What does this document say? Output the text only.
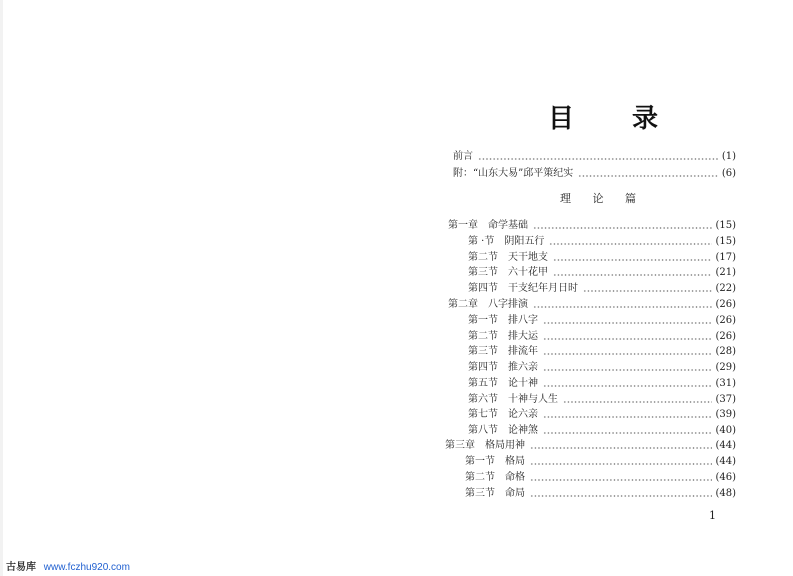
目 录
前言	(1)
附：“山东大易”邱平策纪实	(6)
理 论 篇
第一章　命学基础	(15)
第 ·节　阴阳五行	(15)
第二节　天干地支	(17)
第三节　六十花甲	(21)
第四节　干支纪年月日时	(22)
第二章　八字排演	(26)
第一节　排八字	(26)
第二节　排大运	(26)
第三节　排流年	(28)
第四节　推六亲	(29)
第五节　论十神	(31)
第六节　十神与人生	(37)
第七节　论六亲	(39)
第八节　论神煞	(40)
第三章　格局用神	(44)
第一节　格局	(44)
第二节　命格	(46)
第三节　命局	(48)
1
古易库 www.fczhu920.com
